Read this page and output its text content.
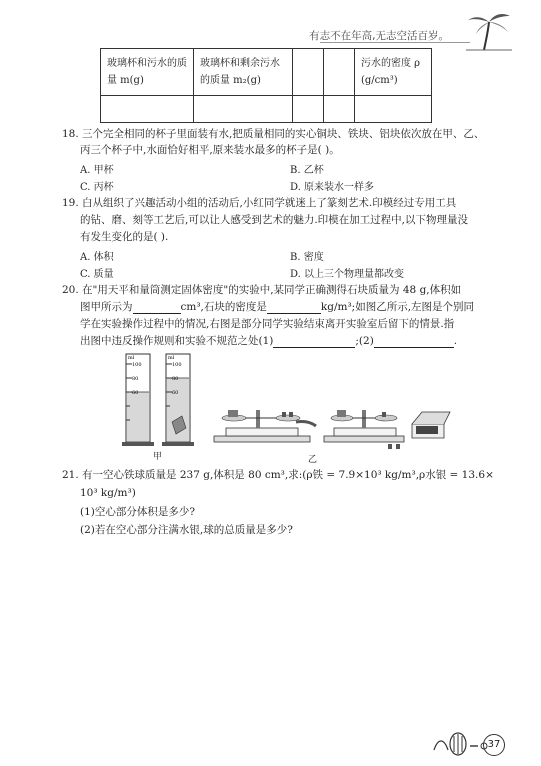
有志不在年高,无志空活百岁。
玻璃杯和污水的质量 m(g)	玻璃杯和剩余污水的质量 m₂(g)			污水的密度 ρ (g/cm³)

18. 三个完全相同的杯子里面装有水,把质量相同的实心铜块、铁块、铝块依次放在甲、乙、
丙三个杯子中,水面恰好相平,原来装水最多的杯子是( )。
A. 甲杯	B. 乙杯
C. 丙杯	D. 原来装水一样多
19. 白从组织了兴趣活动小组的活动后,小红同学就迷上了篆刻艺术.印模经过专用工具
的钻、磨、刻等工艺后,可以让人感受到艺术的魅力.印模在加工过程中,以下物理量没
有发生变化的是( ).
A. 体积	B. 密度
C. 质量	D. 以上三个物理量都改变
20. 在"用天平和量筒测定固体密度"的实验中,某同学正确测得石块质量为 48 g,体积如
图甲所示为	cm³,石块的密度是	kg/m³;如图乙所示,左图是个别同
学在实验操作过程中的情况,右图是部分同学实验结束离开实验室后留下的情景.指
出图中违反操作规则和实验不规范之处(1)	;(2)	.
ml
100
80
60
ml
100
80
60
甲	乙
21. 有一空心铁球质量是 237 g,体积是 80 cm³,求:(ρ铁 = 7.9×10³ kg/m³,ρ水银 = 13.6×
10³ kg/m³)
(1)空心部分体积是多少?
(2)若在空心部分注满水银,球的总质量是多少?
37
